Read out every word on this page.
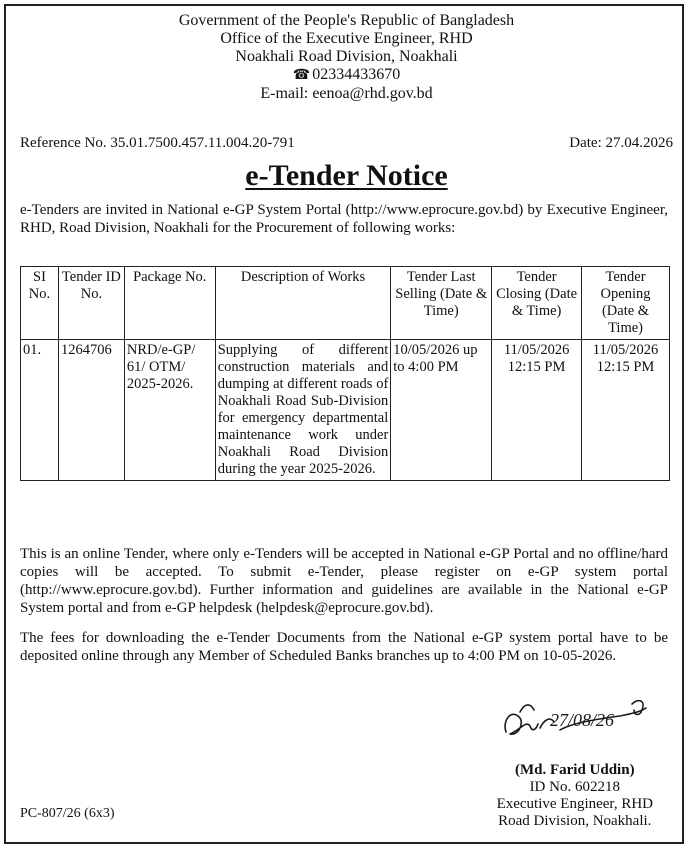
Government of the People's Republic of Bangladesh
Office of the Executive Engineer, RHD
Noakhali Road Division, Noakhali
☎ 02334433670
E-mail: eenoa@rhd.gov.bd
Reference No. 35.01.7500.457.11.004.20-791	Date: 27.04.2026
e-Tender Notice
e-Tenders are invited in National e-GP System Portal (http://www.eprocure.gov.bd) by Executive Engineer, RHD, Road Division, Noakhali for the Procurement of following works:
SI No.	Tender ID No.	Package No.	Description of Works	Tender Last Selling (Date & Time)	Tender Closing (Date & Time)	Tender Opening (Date & Time)
01.	1264706	NRD/e-GP/ 61/ OTM/ 2025-2026.	Supplying of different construction materials and dumping at different roads of Noakhali Road Sub-Division for emergency departmental maintenance work under Noakhali Road Division during the year 2025-2026.	10/05/2026 up to 4:00 PM	11/05/2026 12:15 PM	11/05/2026 12:15 PM
This is an online Tender, where only e-Tenders will be accepted in National e-GP Portal and no offline/hard copies will be accepted. To submit e-Tender, please register on e-GP system portal (http://www.eprocure.gov.bd). Further information and guidelines are available in the National e-GP System portal and from e-GP helpdesk (helpdesk@eprocure.gov.bd).
The fees for downloading the e-Tender Documents from the National e-GP system portal have to be deposited online through any Member of Scheduled Banks branches up to 4:00 PM on 10-05-2026.
27/08/26
(Md. Farid Uddin)
ID No. 602218
Executive Engineer, RHD
Road Division, Noakhali.
PC-807/26 (6x3)
